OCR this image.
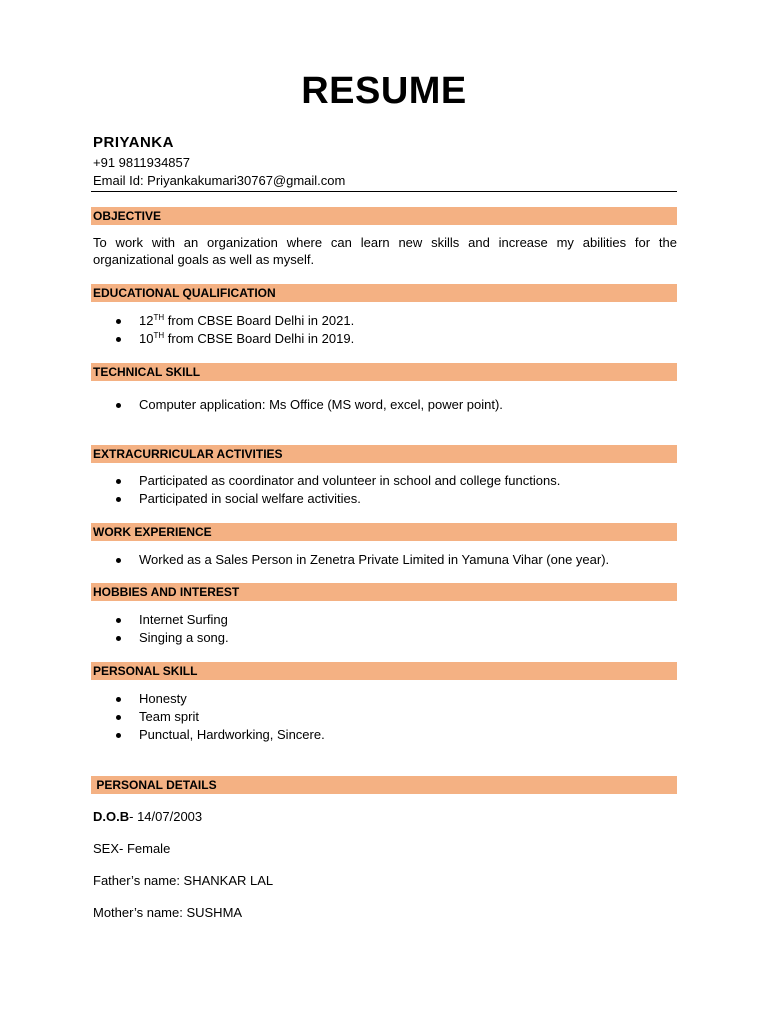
RESUME
PRIYANKA
+91 9811934857
Email Id: Priyankakumari30767@gmail.com
OBJECTIVE
To work with an organization where can learn new skills and increase my abilities for the organizational goals as well as myself.
EDUCATIONAL QUALIFICATION
12TH from CBSE Board Delhi in 2021.
10TH from CBSE Board Delhi in 2019.
TECHNICAL SKILL
Computer application: Ms Office (MS word, excel, power point).
EXTRACURRICULAR ACTIVITIES
Participated as coordinator and volunteer in school and college functions.
Participated in social welfare activities.
WORK EXPERIENCE
Worked as a Sales Person in Zenetra Private Limited in Yamuna Vihar (one year).
HOBBIES AND INTEREST
Internet Surfing
Singing a song.
PERSONAL SKILL
Honesty
Team sprit
Punctual, Hardworking, Sincere.
PERSONAL DETAILS
D.O.B- 14/07/2003
SEX- Female
Father’s name: SHANKAR LAL
Mother’s name: SUSHMA
